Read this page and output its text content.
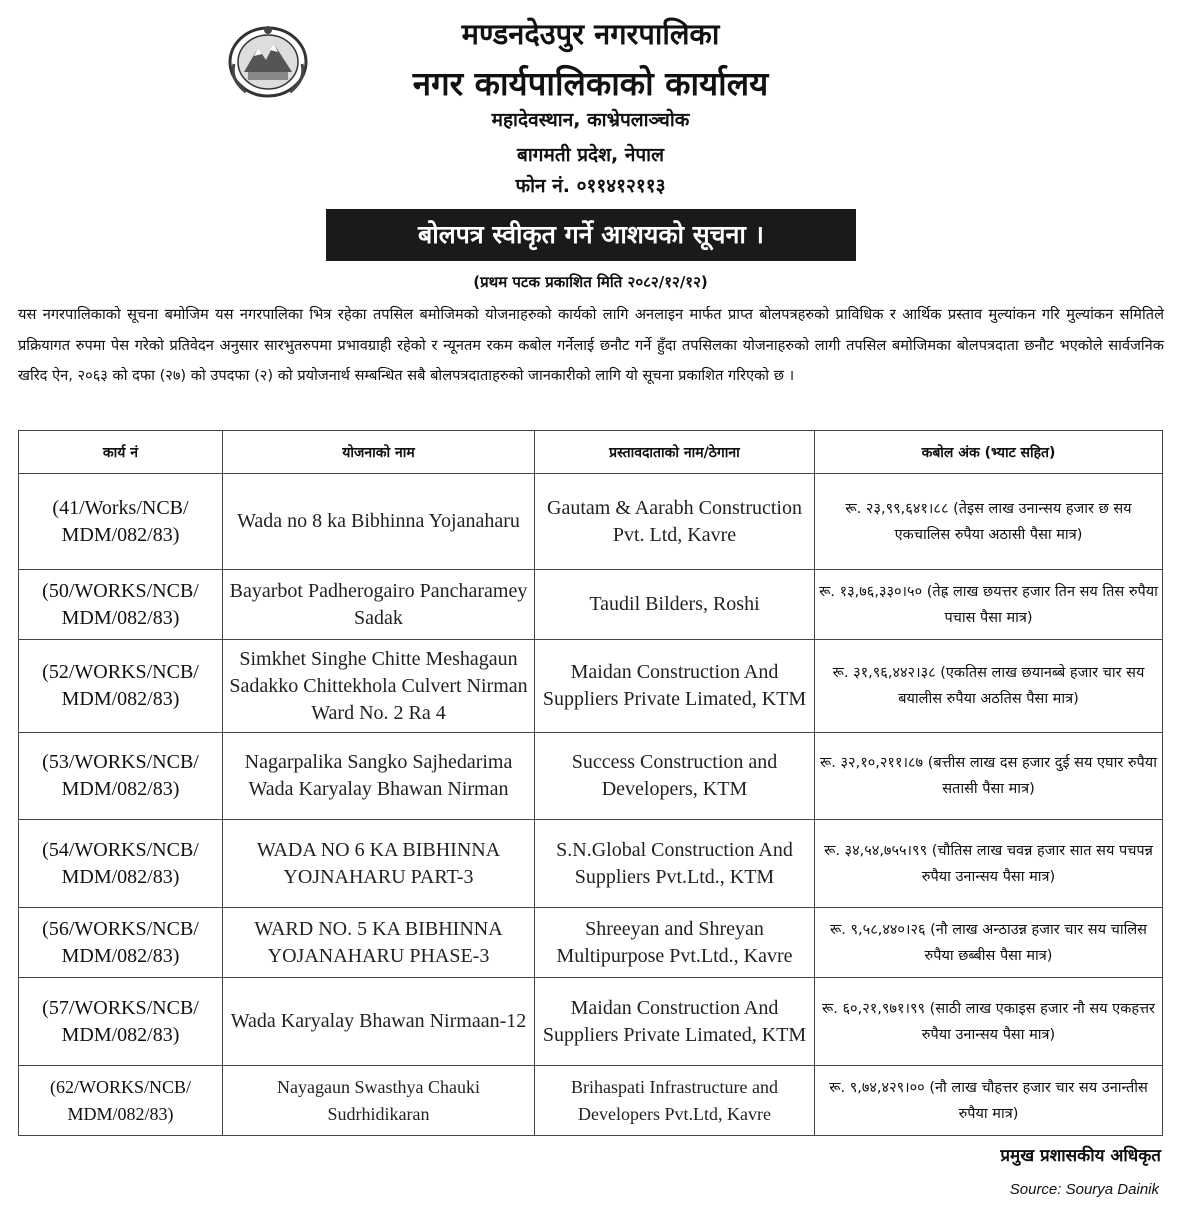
मण्डनदेउपुर नगरपालिका
नगर कार्यपालिकाको कार्यालय
महादेवस्थान, काभ्रेपलाञ्चोक
बागमती प्रदेश, नेपाल
फोन नं. ०११४१२११३
बोलपत्र स्वीकृत गर्ने आशयको सूचना ।
(प्रथम पटक प्रकाशित मिति २०८२/१२/१२)
यस नगरपालिकाको सूचना बमोजिम यस नगरपालिका भित्र रहेका तपसिल बमोजिमको योजनाहरुको कार्यको लागि अनलाइन मार्फत प्राप्त बोलपत्रहरुको प्राविधिक र आर्थिक प्रस्ताव मुल्यांकन गरि मुल्यांकन समितिले प्रक्रियागत रुपमा पेस गरेको प्रतिवेदन अनुसार सारभुतरुपमा प्रभावग्राही रहेको र न्यूनतम रकम कबोल गर्नेलाई छनौट गर्ने हुँदा तपसिलका योजनाहरुको लागी तपसिल बमोजिमका बोलपत्रदाता छनौट भएकोले सार्वजनिक खरिद ऐन, २०६३ को दफा (२७) को उपदफा (२) को प्रयोजनार्थ सम्बन्धित सबै बोलपत्रदाताहरुको जानकारीको लागि यो सूचना प्रकाशित गरिएको छ ।
कार्य नं	योजनाको नाम	प्रस्तावदाताको नाम/ठेगाना	कबोल अंक (भ्याट सहित)
(41/Works/NCB/ MDM/082/83)	Wada no 8 ka Bibhinna Yojanaharu	Gautam & Aarabh Construction Pvt. Ltd, Kavre	रू. २३,९९,६४१।८८ (तेइस लाख उनान्सय हजार छ सय एकचालिस रुपैया अठासी पैसा मात्र)
(50/WORKS/NCB/ MDM/082/83)	Bayarbot Padherogairo Pancharamey Sadak	Taudil Bilders, Roshi	रू. १३,७६,३३०।५० (तेह्र लाख छयत्तर हजार तिन सय तिस रुपैया पचास पैसा मात्र)
(52/WORKS/NCB/ MDM/082/83)	Simkhet Singhe Chitte Meshagaun Sadakko Chittekhola Culvert Nirman Ward No. 2 Ra 4	Maidan Construction And Suppliers Private Limated, KTM	रू. ३१,९६,४४२।३८ (एकतिस लाख छयानब्बे हजार चार सय बयालीस रुपैया अठतिस पैसा मात्र)
(53/WORKS/NCB/ MDM/082/83)	Nagarpalika Sangko Sajhedarima Wada Karyalay Bhawan Nirman	Success Construction and Developers, KTM	रू. ३२,१०,२११।८७ (बत्तीस लाख दस हजार दुई सय एघार रुपैया सतासी पैसा मात्र)
(54/WORKS/NCB/ MDM/082/83)	WADA NO 6 KA BIBHINNA YOJNAHARU PART-3	S.N.Global Construction And Suppliers Pvt.Ltd., KTM	रू. ३४,५४,७५५।९९ (चौतिस लाख चवन्न हजार सात सय पचपन्न रुपैया उनान्सय पैसा मात्र)
(56/WORKS/NCB/ MDM/082/83)	WARD NO. 5 KA BIBHINNA YOJANAHARU PHASE-3	Shreeyan and Shreyan Multipurpose Pvt.Ltd., Kavre	रू. ९,५८,४४०।२६ (नौ लाख अन्ठाउन्न हजार चार सय चालिस रुपैया छब्बीस पैसा मात्र)
(57/WORKS/NCB/ MDM/082/83)	Wada Karyalay Bhawan Nirmaan-12	Maidan Construction And Suppliers Private Limated, KTM	रू. ६०,२१,९७१।९९ (साठी लाख एकाइस हजार नौ सय एकहत्तर रुपैया उनान्सय पैसा मात्र)
(62/WORKS/NCB/ MDM/082/83)	Nayagaun Swasthya Chauki Sudrhidikaran	Brihaspati Infrastructure and Developers Pvt.Ltd, Kavre	रू. ९,७४,४२९।०० (नौ लाख चौहत्तर हजार चार सय उनान्तीस रुपैया मात्र)
प्रमुख प्रशासकीय अधिकृत
Source: Sourya Dainik
